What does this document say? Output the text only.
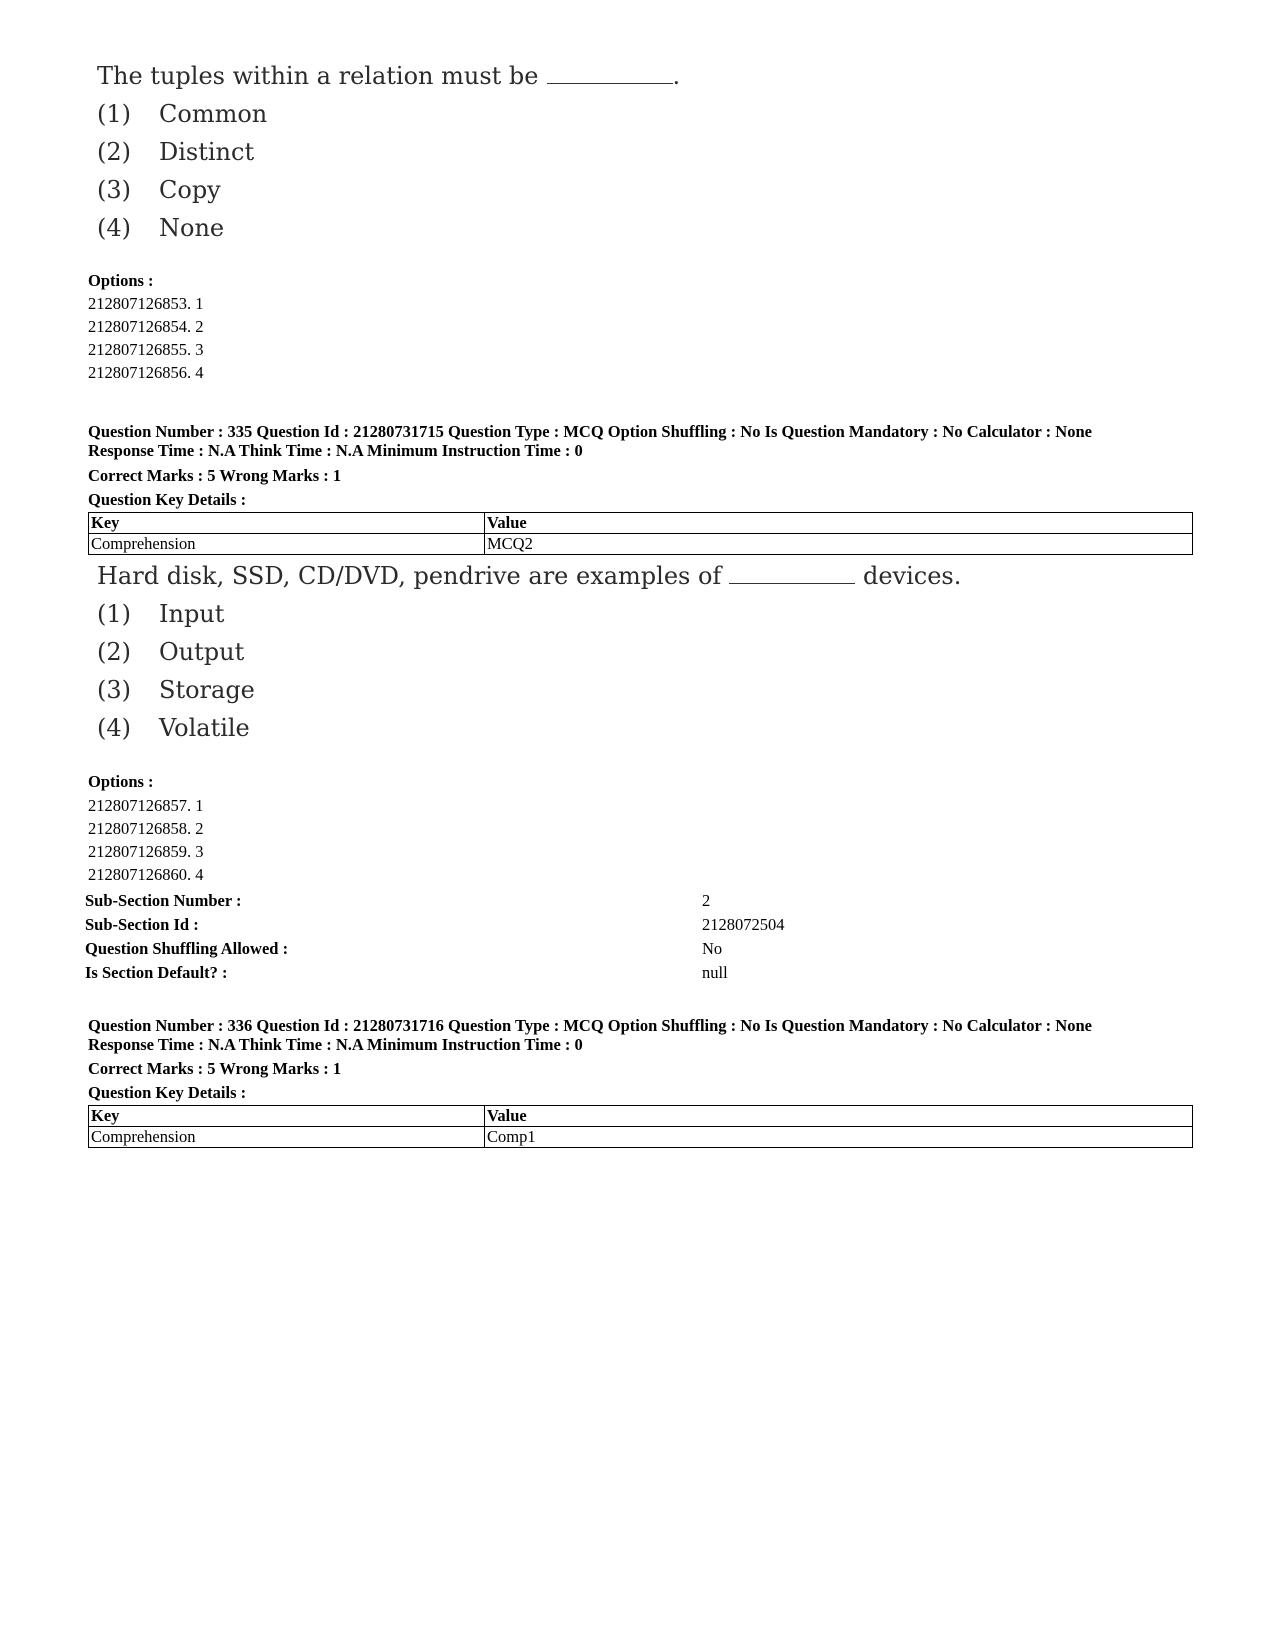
The tuples within a relation must be	.
(1) Common
(2) Distinct
(3) Copy
(4) None
Options :
212807126853. 1
212807126854. 2
212807126855. 3
212807126856. 4
Question Number : 335 Question Id : 21280731715 Question Type : MCQ Option Shuffling : No Is Question Mandatory : No Calculator : None
Response Time : N.A Think Time : N.A Minimum Instruction Time : 0
Correct Marks : 5 Wrong Marks : 1
Question Key Details :
Key	Value
Comprehension	MCQ2
Hard disk, SSD, CD/DVD, pendrive are examples of	devices.
(1) Input
(2) Output
(3) Storage
(4) Volatile
Options :
212807126857. 1
212807126858. 2
212807126859. 3
212807126860. 4
Sub-Section Number :	2
Sub-Section Id :	2128072504
Question Shuffling Allowed :	No
Is Section Default? :	null
Question Number : 336 Question Id : 21280731716 Question Type : MCQ Option Shuffling : No Is Question Mandatory : No Calculator : None
Response Time : N.A Think Time : N.A Minimum Instruction Time : 0
Correct Marks : 5 Wrong Marks : 1
Question Key Details :
Key	Value
Comprehension	Comp1
